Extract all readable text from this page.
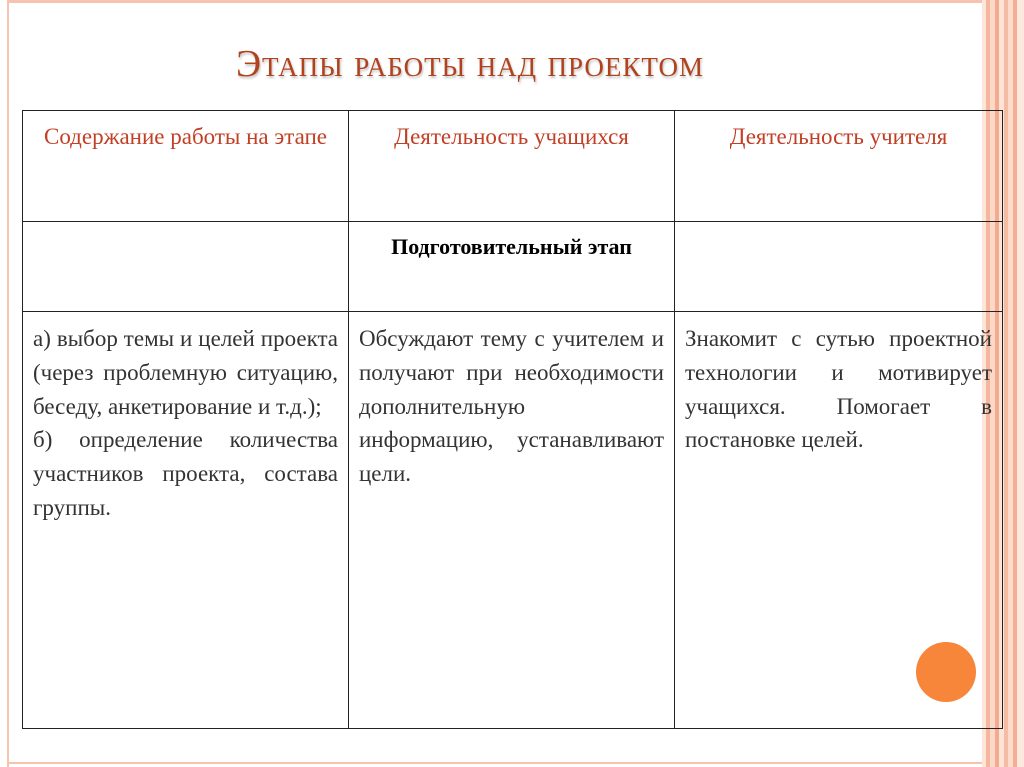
Этапы работы над проектом
Содержание работы на этапе	Деятельность учащихся	Деятельность учителя
	Подготовительный этап	

а) выбор темы и целей проекта (через проблемную ситуацию, беседу, анкетирование и т.д.);

б) определение количества участников проекта, состава группы.	Обсуждают тему с учителем и получают при необходимости дополнительную информацию, устанавливают цели.	Знакомит с сутью проектной технологии и мотивирует учащихся. Помогает в постановке целей.
